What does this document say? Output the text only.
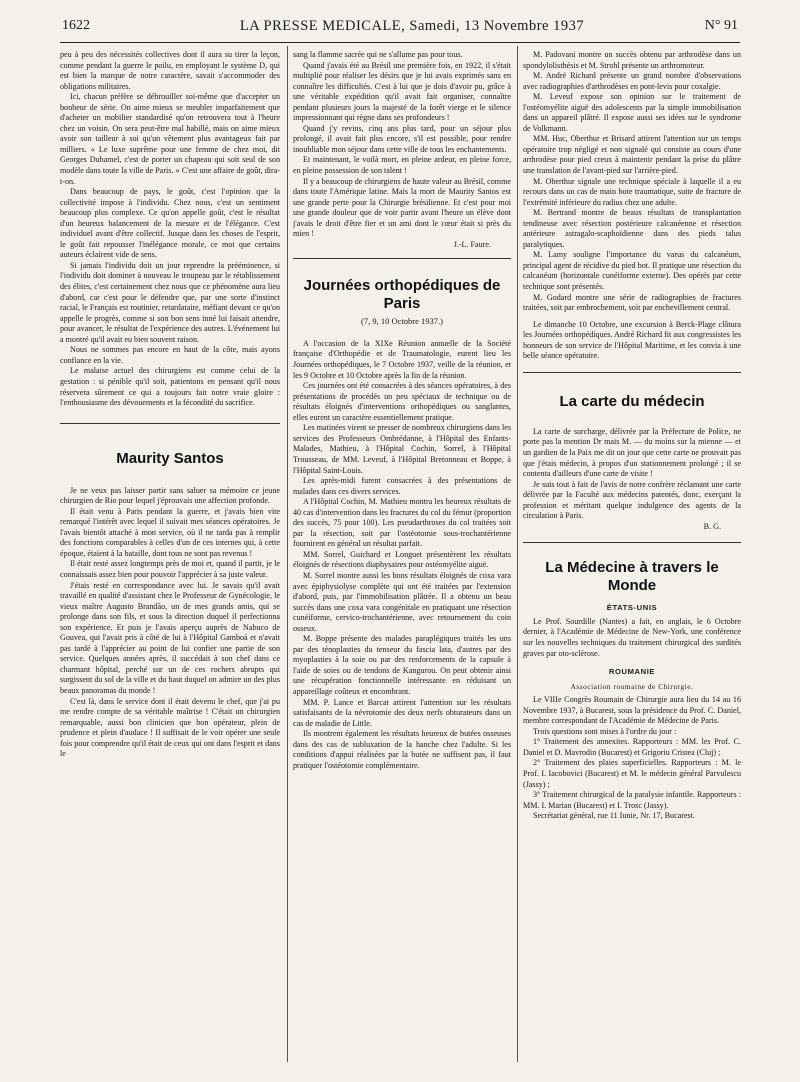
1622	LA PRESSE MEDICALE, Samedi, 13 Novembre 1937	N° 91

peu à peu des nécessités collectives dont il aura su tirer la leçon, comme pendant la guerre le poilu, en employant le système D, qui est bien la marque de notre caractère, savait s'accommoder des obligations militaires.

Ici, chacun préfère se débrouiller soi-même que d'accepter un bonheur de série. On aime mieux se meubler imparfaitement que d'acheter un mobilier standardisé qu'on retrouvera tout à l'heure chez un voisin. On sera peut-être mal habillé, mais on aime mieux avoir son tailleur à soi qu'un vêtement plus avantageux fait par milliers. « Le luxe suprême pour une femme de chez moi, dit Georges Duhamel, c'est de porter un chapeau qui soit seul de son modèle dans toute la ville de Paris. » C'est une affaire de goût, dira-t-on.

Dans beaucoup de pays, le goût, c'est l'opinion que la collectivité impose à l'individu. Chez nous, c'est un sentiment beaucoup plus complexe. Ce qu'on appelle goût, c'est le résultat d'un heureux balancement de la mesure et de l'élégance. C'est individuel avant d'être collectif. Jusque dans les choses de l'esprit, le goût fait repousser l'inélégance morale, ce mot que certains auteurs éclairent vide de sens.

Si jamais l'individu doit un jour reprendre la prééminence, si l'individu doit dominer à nouveau le troupeau par le rétablissement des élites, c'est certainement chez nous que ce phénomène aura lieu d'abord, car c'est pour le défendre que, par une sorte d'instinct racial, le Français est routinier, retardataire, méfiant devant ce qu'on appelle le progrès, comme si son bon sens inné lui faisait attendre, pour avancer, le résultat de l'expérience des autres. L'événement lui a montré qu'il avait eu bien souvent raison.

Nous ne sommes pas encore en haut de la côte, mais ayons confiance en la vie.

Le malaise actuel des chirurgiens est comme celui de la gestation : si pénible qu'il soit, patientons en pensant qu'il nous réservera sûrement ce qui a toujours fait notre vraie gloire : l'enthousiasme des dévouements et la fécondité du sacrifice.

Maurity Santos

Je ne veux pas laisser partir sans saluer sa mémoire ce jeune chirurgien de Rio pour lequel j'éprouvais une affection profonde.

Il était venu à Paris pendant la guerre, et j'avais bien vite remarqué l'intérêt avec lequel il suivait mes séances opératoires. Je l'avais bientôt attaché à mon service, où il ne tarda pas à remplir des fonctions comparables à celles d'un de ces internes qui, à cette époque, étaient à la bataille, dont tous ne sont pas revenus !

Il était resté assez longtemps près de moi et, quand il partit, je le connaissais assez bien pour pouvoir l'apprécier à sa juste valeur.

J'étais resté en correspondance avec lui. Je savais qu'il avait travaillé en qualité d'assistant chez le Professeur de Gynécologie, le vieux maître Augusto Brandão, un de mes grands amis, qui se prolonge dans son fils, et sous la direction duquel il perfectionna son expérience. Et puis je l'avais aperçu auprès de Nabuco de Gouvea, qui l'avait pris à côté de lui à l'Hôpital Gamboá et n'avait pas tardé à l'apprécier au point de lui confier une partie de son service. Quelques années après, il succédait à son chef dans ce charmant hôpital, perché sur un de ces rochers abrupts qui surgissent du sol de la ville et du haut duquel on admire un des plus beaux panoramas du monde !

C'est là, dans le service dont il était devenu le chef, que j'ai pu me rendre compte de sa véritable maîtrise ! C'était un chirurgien remarquable, aussi bon clinicien que bon opérateur, plein de prudence et plein d'audace ! Il suffisait de le voir opérer une seule fois pour comprendre qu'il était de ceux qui ont dans l'esprit et dans le

sang la flamme sacrée qui ne s'allume pas pour tous.

Quand j'avais été au Brésil une première fois, en 1922, il s'était multiplié pour réaliser les désirs que je lui avais exprimés sans en connaître les difficultés. C'est à lui que je dois d'avoir pu, grâce à une véritable expédition qu'il avait fait organiser, connaître pendant plusieurs jours la majesté de la forêt vierge et le silence impressionnant qui règne dans ses profondeurs !

Quand j'y revins, cinq ans plus tard, pour un séjour plus prolongé, il avait fait plus encore, s'il est possible, pour rendre inoubliable mon séjour dans cette ville de tous les enchantements.

Et maintenant, le voilà mort, en pleine ardeur, en pleine force, en pleine possession de son talent !

Il y a beaucoup de chirurgiens de haute valeur au Brésil, comme dans toute l'Amérique latine. Mais la mort de Maurity Santos est une grande perte pour la Chirurgie brésilienne. Et c'est pour moi une grande douleur que de voir partir avant l'heure un élève dont j'avais le droit d'être fier et un ami dont le cœur était si près du mien !

J.-L. Faure.

Journées orthopédiques de Paris
(7, 9, 10 Octobre 1937.)

A l'occasion de la XIXe Réunion annuelle de la Société française d'Orthopédie et de Traumatologie, eurent lieu les Journées orthopédiques, le 7 Octobre 1937, veille de la réunion, et les 9 Octobre et 10 Octobre après la fin de la réunion.

Ces journées ont été consacrées à des séances opératoires, à des présentations de procédés un peu spéciaux de technique ou de résultats éloignés d'interventions orthopédiques ou sanglantes, elles eurent un caractère essentiellement pratique.

Les matinées virent se presser de nombreux chirurgiens dans les services des Professeurs Ombrédanne, à l'Hôpital des Enfants-Malades, Mathieu, à l'Hôpital Cochin, Sorrel, à l'Hôpital Trousseau, de MM. Leveuf, à l'Hôpital Bretonneau et Boppe, à l'Hôpital Saint-Louis.

Les après-midi furent consacrées à des présentations de malades dans ces divers services.

A l'Hôpital Cochin, M. Mathieu montra les heureux résultats de 40 cas d'intervention dans les fractures du col du fémur (proportion des succès, 75 pour 100). Les pseudarthroses du col traitées soit par la résection, soit par l'ostéotomie sous-trochantérienne fournirent en général un résultat parfait.

MM. Sorrel, Guichard et Longuet présentèrent les résultats éloignés de résections diaphysaires pour ostéomyélite aiguë.

M. Sorrel montre aussi les bons résultats éloignés de coxa vara avec épiphysiolyse complète qui ont été traitées par l'extension d'abord, puis, par l'immobilisation plâtrée. Il a obtenu un beau succès dans une coxa vara congénitale en pratiquant une résection cunéiforme, cervico-trochantérienne, avec retournement du coin osseux.

M. Boppe présente des malades paraplégiques traités les uns par des ténoplasties du tenseur du fascia lata, d'autres par des myoplasties à la soie ou par des renforcements de la capsule à l'aide de soies ou de tendons de Kangurou. On peut obtenir ainsi une récupération fonctionnelle intéressante en réduisant un appareillage coûteux et encombrant.

MM. P. Lance et Barcat attirent l'attention sur les résultats satisfaisants de la névrotomie des deux nerfs obturateurs dans un cas de maladie de Little.

Ils montrent également les résultats heureux de butées osseuses dans des cas de subluxation de la hanche chez l'adulte. Si les conditions d'appui réalisées par la butée ne suffisent pas, il faut pratiquer l'ostéotomie complémentaire.

M. Padovani montre un succès obtenu par arthrodèse dans un spondylolisthésis et M. Strohl présente un arthromoteur.

M. André Richard présente un grand nombre d'observations avec radiographies d'arthrodèses en pont-levis pour coxalgie.

M. Leveuf expose son opinion sur le traitement de l'ostéomyélite aiguë des adolescents par la simple immobilisation dans un appareil plâtré. Il expose aussi ses idées sur le syndrome de Volkmann.

MM. Huc, Oberthur et Brisard attirent l'attention sur un temps opératoire trop négligé et non signalé qui consiste au cours d'une arthrodèse pour pied creux à maintenir pendant la prise du plâtre une translation de l'avant-pied sur l'arrière-pied.

M. Oberthur signale une technique spéciale à laquelle il a eu recours dans un cas de main bote traumatique, suite de fracture de l'extrémité inférieure du radius chez une adulte.

M. Bertrand montre de beaux résultats de transplantation tendineuse avec résection postérieure calcanéenne et résection antérieure astragalo-scaphoïdienne dans des pieds talus paralytiques.

M. Lamy souligne l'importance du varus du calcanéum, principal agent de récidive du pied bot. Il pratique une résection du calcanéum (horizontale cunéiforme externe). Des opérés par cette technique sont présentés.

M. Godard montre une série de radiographies de fractures traitées, soit par embrochement, soit par enchevillement central.

Le dimanche 10 Octobre, une excursion à Berck-Plage clôtura les Journées orthopédiques. André Richard fit aux congressistes les honneurs de son service de l'Hôpital Maritime, et les convia à une belle séance opératoire.

La carte du médecin

La carte de surcharge, délivrée par la Préfecture de Police, ne porte pas la mention Dr mais M. — du moins sur la mienne — et un gardien de la Paix me dit un jour que cette carte ne prouvait pas que j'étais médecin, à propos d'un stationnement prolongé ; il se contenta d'ailleurs d'une carte de visite !

Je suis tout à fait de l'avis de notre confrère réclamant une carte délivrée par la Faculté aux médecins patentés, donc, exerçant la profession et méritant quelque indulgence des agents de la circulation à Paris.

B. G.

La Médecine à travers le Monde
ÉTATS-UNIS

Le Prof. Sourdille (Nantes) a fait, en anglais, le 6 Octobre dernier, à l'Académie de Médecine de New-York, une conférence sur les nouvelles techniques du traitement chirurgical des surdités graves par oto-sclérose.

ROUMANIE
Association roumaine de Chirurgie.

Le VIIIe Congrès Roumain de Chirurgie aura lieu du 14 au 16 Novembre 1937, à Bucarest, sous la présidence du Prof. C. Daniel, membre correspondant de l'Académie de Médecine de Paris.

Trois questions sont mises à l'ordre du jour :

1° Traitement des annexites. Rapporteurs : MM. les Prof. C. Daniel et D. Mavrodin (Bucarest) et Grigoriu Cristea (Cluj) ;

2° Traitement des plaies superficielles. Rapporteurs : M. le Prof. I. Iacobovici (Bucarest) et M. le médecin général Parvulescu (Jassy) ;

3° Traitement chirurgical de la paralysie infantile. Rapporteurs : MM. I. Marian (Bucarest) et I. Trosc (Jassy).

Secrétariat général, rue 11 Iunie, Nr. 17, Bucarest.
